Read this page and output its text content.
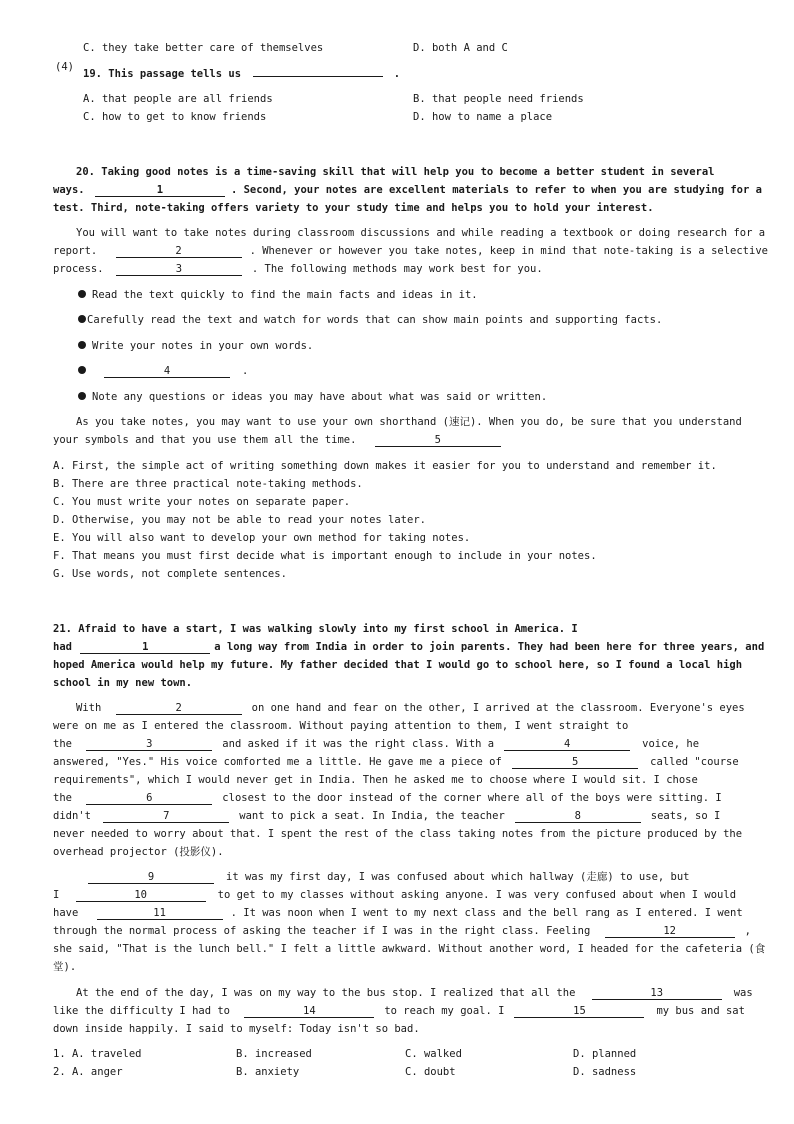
C. they take better care of themselves	D. both A and C
(4)
19. This passage tells us	.
A. that people are all friends	B. that people need friends
C. how to get to know friends	D. how to name a place
20. Taking good notes is a time-saving skill that will help you to become a better student in several
ways.	1	. Second, your notes are excellent materials to refer to when you are studying for a
test. Third, note-taking offers variety to your study time and helps you to hold your interest.
You will want to take notes during classroom discussions and while reading a textbook or doing research for a
report.	2	. Whenever or however you take notes, keep in mind that note-taking is a selective
process.	3	. The following methods may work best for you.
Read the text quickly to find the main facts and ideas in it.
Carefully read the text and watch for words that can show main points and supporting facts.
Write your notes in your own words.
4	.
Note any questions or ideas you may have about what was said or written.
As you take notes, you may want to use your own shorthand (速记). When you do, be sure that you understand
your symbols and that you use them all the time.	5
A. First, the simple act of writing something down makes it easier for you to understand and remember it.
B. There are three practical note-taking methods.
C. You must write your notes on separate paper.
D. Otherwise, you may not be able to read your notes later.
E. You will also want to develop your own method for taking notes.
F. That means you must first decide what is important enough to include in your notes.
G. Use words, not complete sentences.
21. Afraid to have a start, I was walking slowly into my first school in America. I
had	1	a long way from India in order to join parents. They had been here for three years, and
hoped America would help my future. My father decided that I would go to school here, so I found a local high
school in my new town.
With	2	on one hand and fear on the other, I arrived at the classroom. Everyone's eyes
were on me as I entered the classroom. Without paying attention to them, I went straight to
the	3	and asked if it was the right class. With a	4	voice, he
answered, "Yes." His voice comforted me a little. He gave me a piece of	5	called "course
requirements", which I would never get in India. Then he asked me to choose where I would sit. I chose
the	6	closest to the door instead of the corner where all of the boys were sitting. I
didn't	7	want to pick a seat. In India, the teacher	8	seats, so I
never needed to worry about that. I spent the rest of the class taking notes from the picture produced by the
overhead projector (投影仪).
9	it was my first day, I was confused about which hallway (走廊) to use, but
I	10	to get to my classes without asking anyone. I was very confused about when I would
have	11	. It was noon when I went to my next class and the bell rang as I entered. I went
through the normal process of asking the teacher if I was in the right class. Feeling	12	,
she said, "That is the lunch bell." I felt a little awkward. Without another word, I headed for the cafeteria (食
堂).
At the end of the day, I was on my way to the bus stop. I realized that all the	13	was
like the difficulty I had to	14	to reach my goal. I	15	my bus and sat
down inside happily. I said to myself: Today isn't so bad.
1. A. traveled	B. increased	C. walked	D. planned
2. A. anger	B. anxiety	C. doubt	D. sadness
